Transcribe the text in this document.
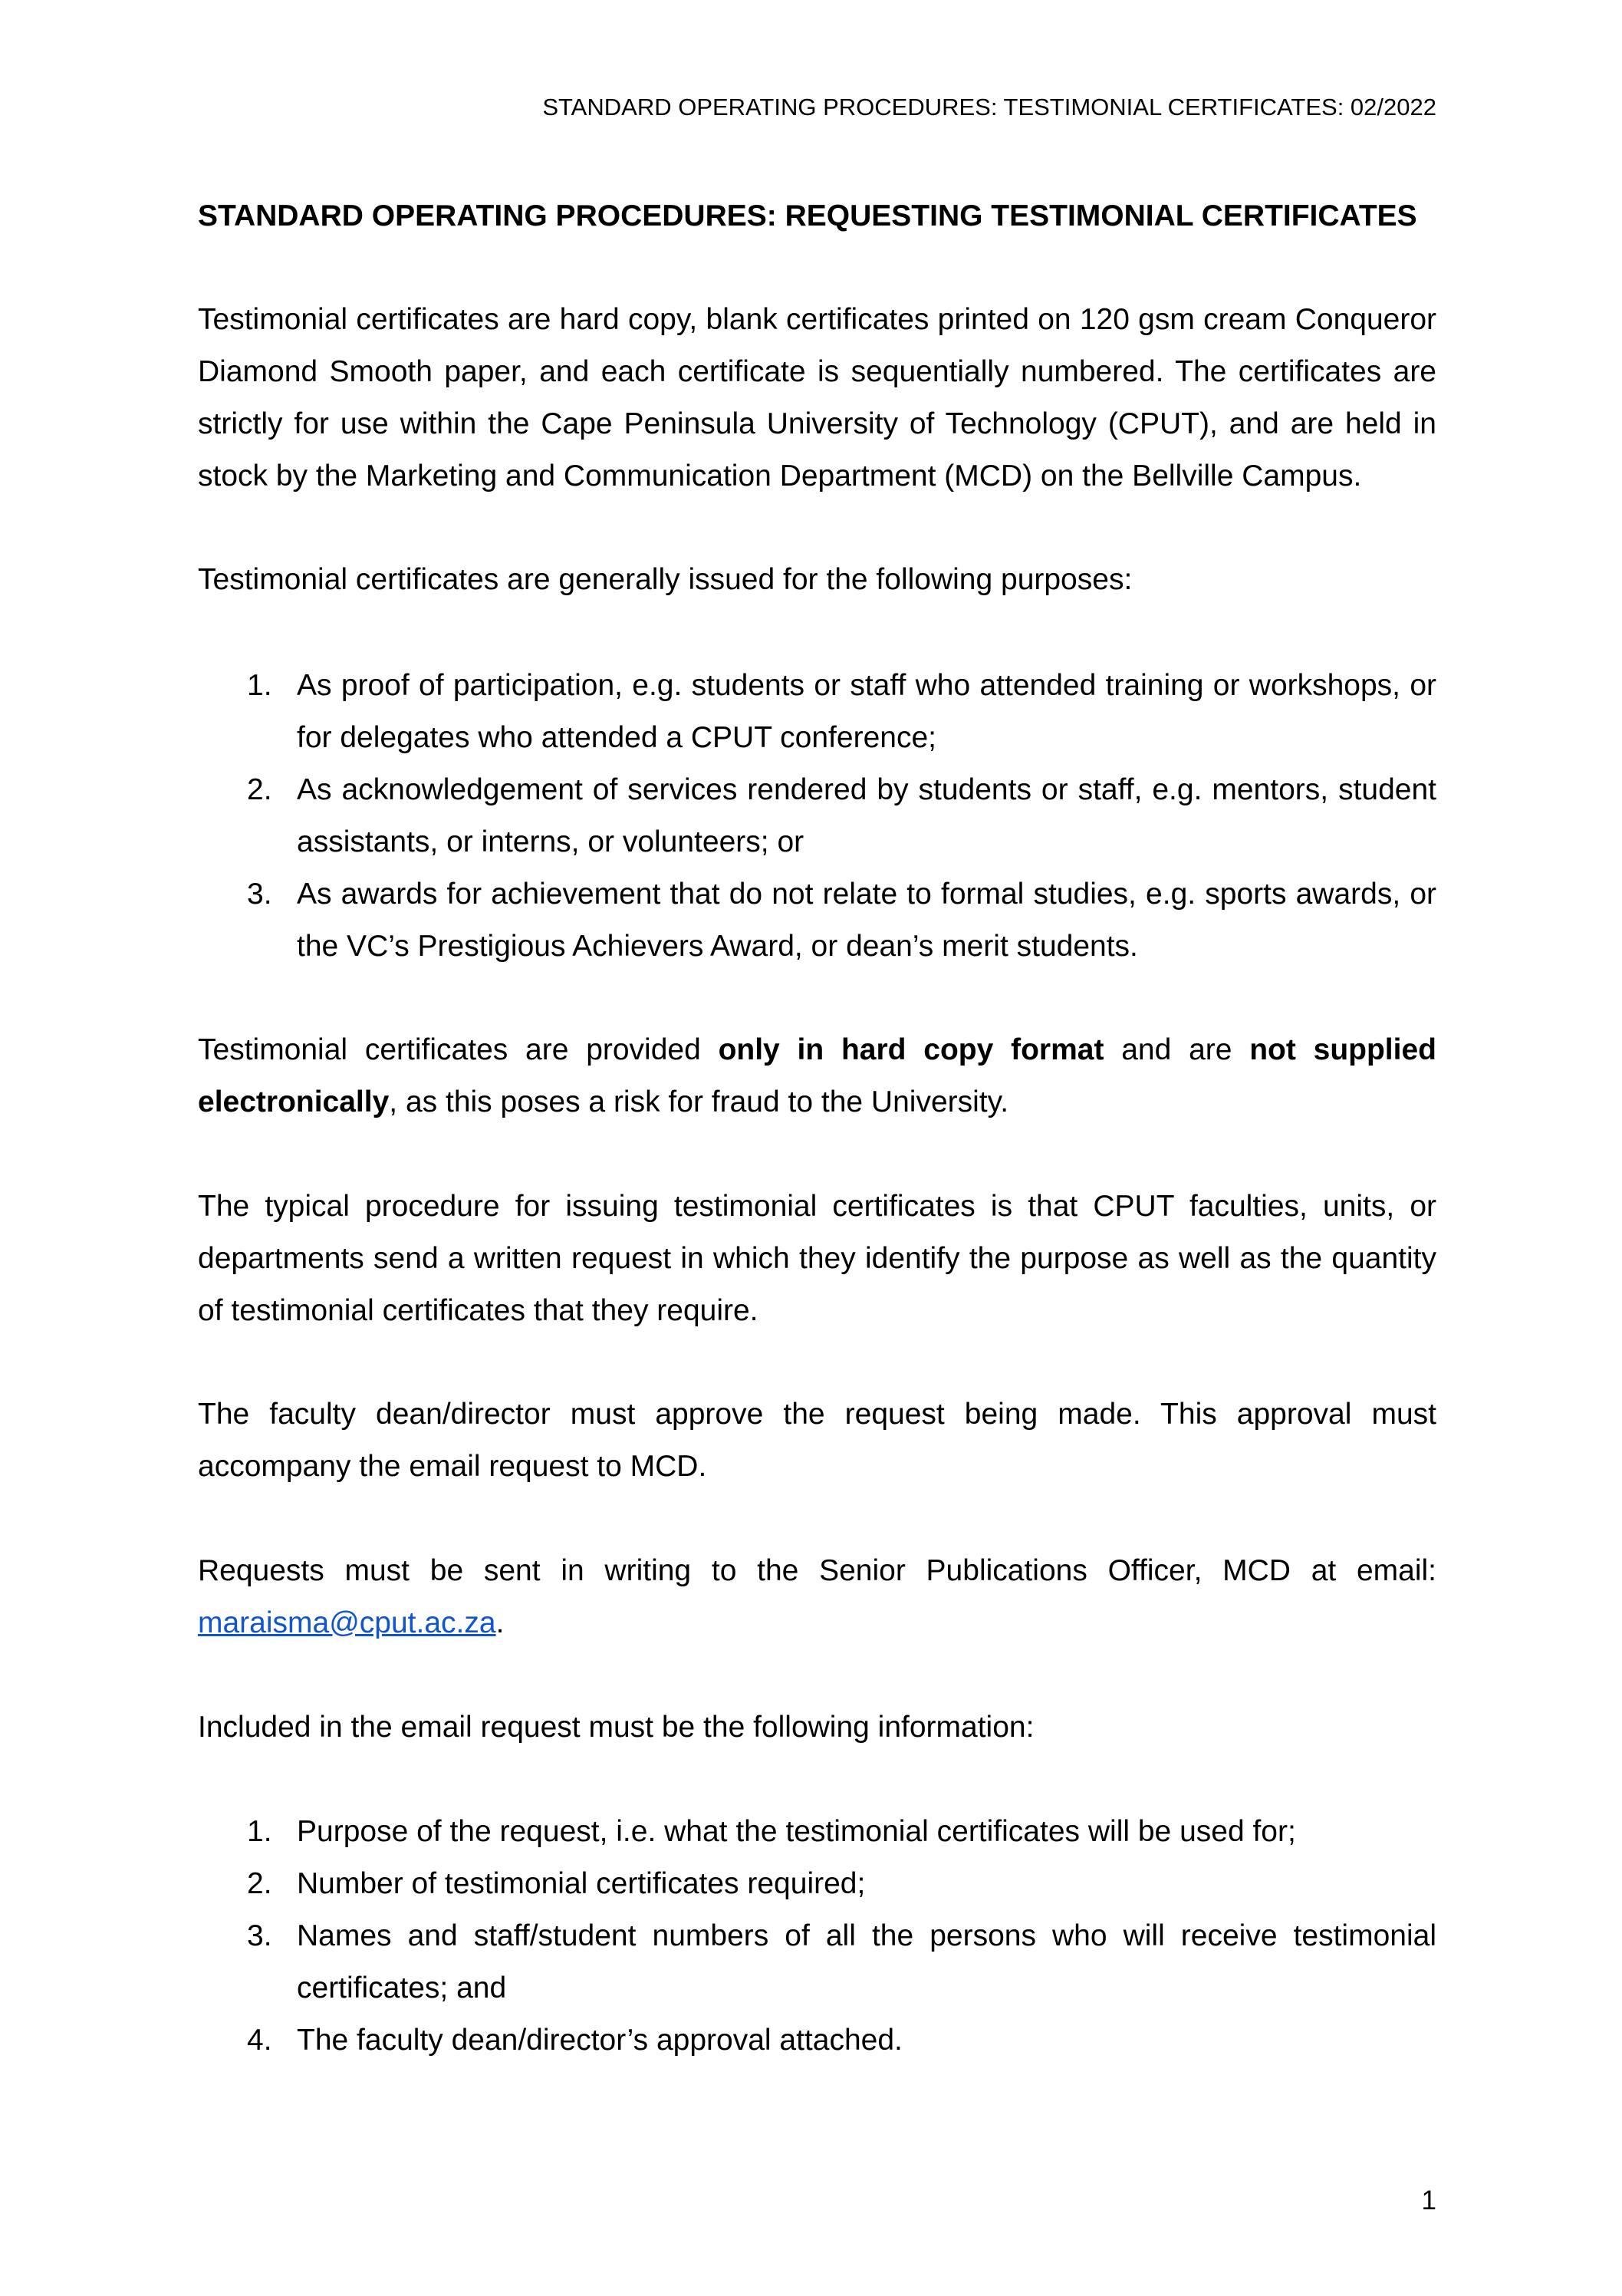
STANDARD OPERATING PROCEDURES: TESTIMONIAL CERTIFICATES: 02/2022
STANDARD OPERATING PROCEDURES: REQUESTING TESTIMONIAL CERTIFICATES
Testimonial certificates are hard copy, blank certificates printed on 120 gsm cream Conqueror Diamond Smooth paper, and each certificate is sequentially numbered. The certificates are strictly for use within the Cape Peninsula University of Technology (CPUT), and are held in stock by the Marketing and Communication Department (MCD) on the Bellville Campus.
Testimonial certificates are generally issued for the following purposes:
1. As proof of participation, e.g. students or staff who attended training or workshops, or for delegates who attended a CPUT conference;
2. As acknowledgement of services rendered by students or staff, e.g. mentors, student assistants, or interns, or volunteers; or
3. As awards for achievement that do not relate to formal studies, e.g. sports awards, or the VC’s Prestigious Achievers Award, or dean’s merit students.
Testimonial certificates are provided only in hard copy format and are not supplied electronically, as this poses a risk for fraud to the University.
The typical procedure for issuing testimonial certificates is that CPUT faculties, units, or departments send a written request in which they identify the purpose as well as the quantity of testimonial certificates that they require.
The faculty dean/director must approve the request being made. This approval must accompany the email request to MCD.
Requests must be sent in writing to the Senior Publications Officer, MCD at email: maraisma@cput.ac.za.
Included in the email request must be the following information:
1. Purpose of the request, i.e. what the testimonial certificates will be used for;
2. Number of testimonial certificates required;
3. Names and staff/student numbers of all the persons who will receive testimonial certificates; and
4. The faculty dean/director’s approval attached.
1
